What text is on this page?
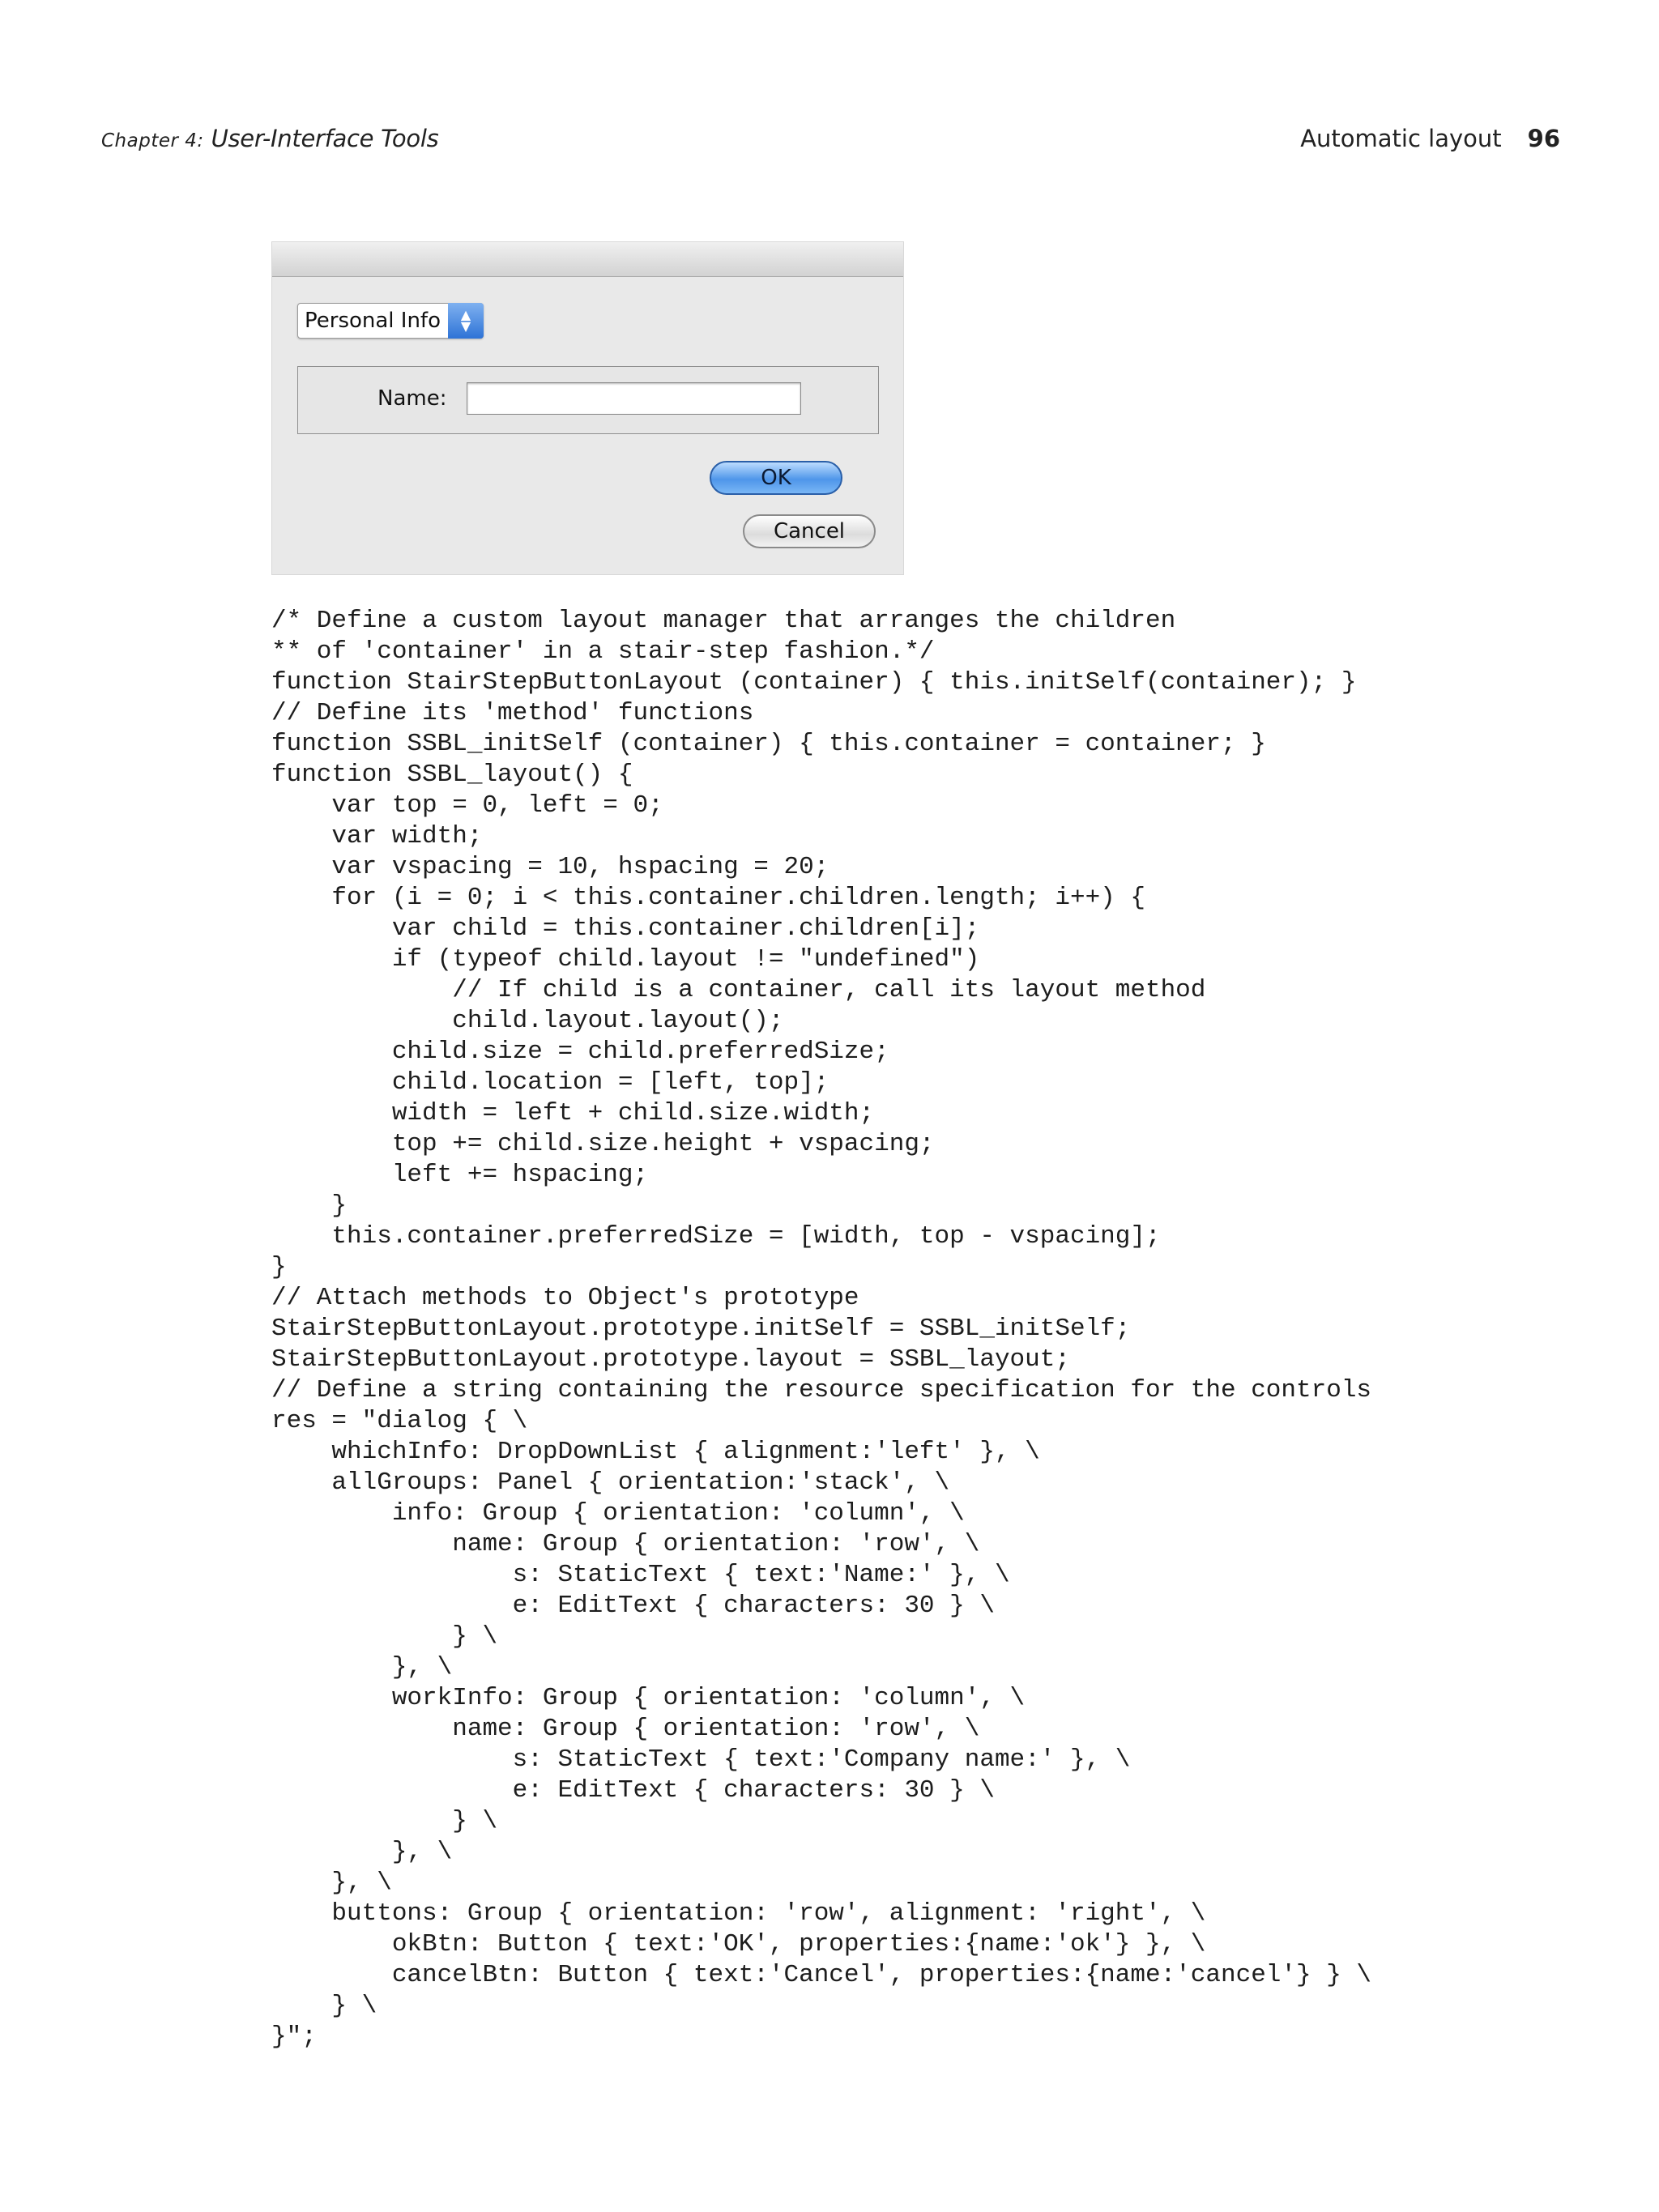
Chapter 4: User-Interface Tools	Automatic layout 96
Personal Info	▲
▼
Name:
OK
Cancel
/* Define a custom layout manager that arranges the children
** of 'container' in a stair-step fashion.*/
function StairStepButtonLayout (container) { this.initSelf(container); }
// Define its 'method' functions
function SSBL_initSelf (container) { this.container = container; }
function SSBL_layout() {
var top = 0, left = 0;
var width;
var vspacing = 10, hspacing = 20;
for (i = 0; i < this.container.children.length; i++) {
var child = this.container.children[i];
if (typeof child.layout != "undefined")
// If child is a container, call its layout method
child.layout.layout();
child.size = child.preferredSize;
child.location = [left, top];
width = left + child.size.width;
top += child.size.height + vspacing;
left += hspacing;
}
this.container.preferredSize = [width, top - vspacing];
}
// Attach methods to Object's prototype
StairStepButtonLayout.prototype.initSelf = SSBL_initSelf;
StairStepButtonLayout.prototype.layout = SSBL_layout;
// Define a string containing the resource specification for the controls
res = "dialog { \
whichInfo: DropDownList { alignment:'left' }, \
allGroups: Panel { orientation:'stack', \
info: Group { orientation: 'column', \
name: Group { orientation: 'row', \
s: StaticText { text:'Name:' }, \
e: EditText { characters: 30 } \
} \
}, \
workInfo: Group { orientation: 'column', \
name: Group { orientation: 'row', \
s: StaticText { text:'Company name:' }, \
e: EditText { characters: 30 } \
} \
}, \
}, \
buttons: Group { orientation: 'row', alignment: 'right', \
okBtn: Button { text:'OK', properties:{name:'ok'} }, \
cancelBtn: Button { text:'Cancel', properties:{name:'cancel'} } \
} \
}";
